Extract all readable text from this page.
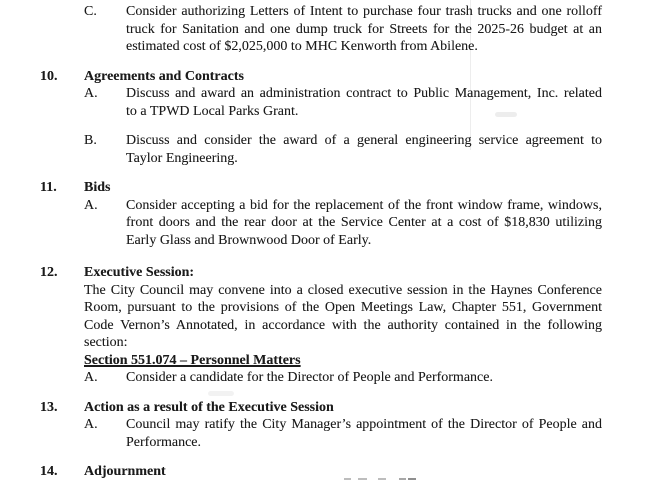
C.	Consider authorizing Letters of Intent to purchase four trash trucks and one rolloff
truck for Sanitation and one dump truck for Streets for the 2025-26 budget at an
estimated cost of $2,025,000 to MHC Kenworth from Abilene.
10.	Agreements and Contracts
A.	Discuss and award an administration contract to Public Management, Inc. related
to a TPWD Local Parks Grant.
B.	Discuss and consider the award of a general engineering service agreement to
Taylor Engineering.
11.	Bids
A.	Consider accepting a bid for the replacement of the front window frame, windows,
front doors and the rear door at the Service Center at a cost of $18,830 utilizing
Early Glass and Brownwood Door of Early.
12.	Executive Session:
The City Council may convene into a closed executive session in the Haynes Conference
Room, pursuant to the provisions of the Open Meetings Law, Chapter 551, Government
Code Vernon’s Annotated, in accordance with the authority contained in the following
section:

Section 551.074 – Personnel Matters

A.	Consider a candidate for the Director of People and Performance.
13.	Action as a result of the Executive Session
A.	Council may ratify the City Manager’s appointment of the Director of People and
Performance.
14.	Adjournment
